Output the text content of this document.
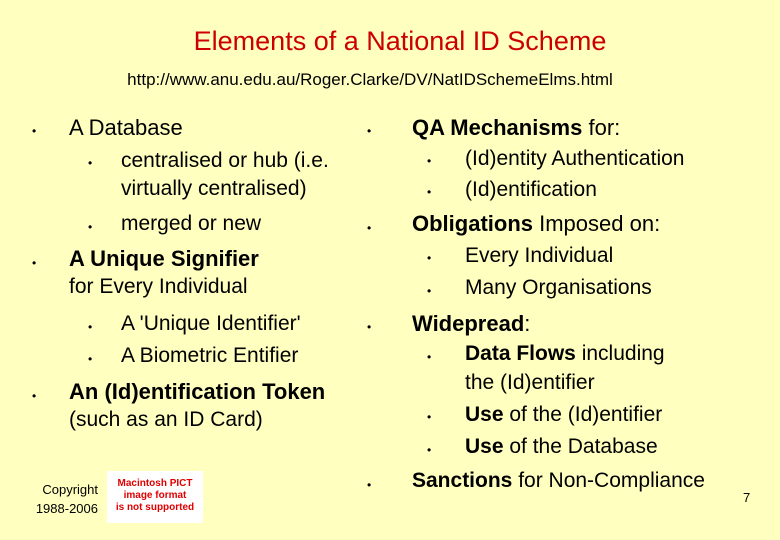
Elements of a National ID Scheme
http://www.anu.edu.au/Roger.Clarke/DV/NatIDSchemeElms.html
• A Database
• centralised or hub (i.e.
virtually centralised)
• merged or new
• A Unique Signifier
for Every Individual
• A 'Unique Identifier'
• A Biometric Entifier
• An (Id)entification Token
(such as an ID Card)
• QA Mechanisms for:
• (Id)entity Authentication
• (Id)entification
• Obligations Imposed on:
• Every Individual
• Many Organisations
• Widepread:
• Data Flows including
the (Id)entifier
• Use of the (Id)entifier
• Use of the Database
• Sanctions for Non-Compliance
Copyright
1988-2006
Macintosh PICT
image format
is not supported
7
